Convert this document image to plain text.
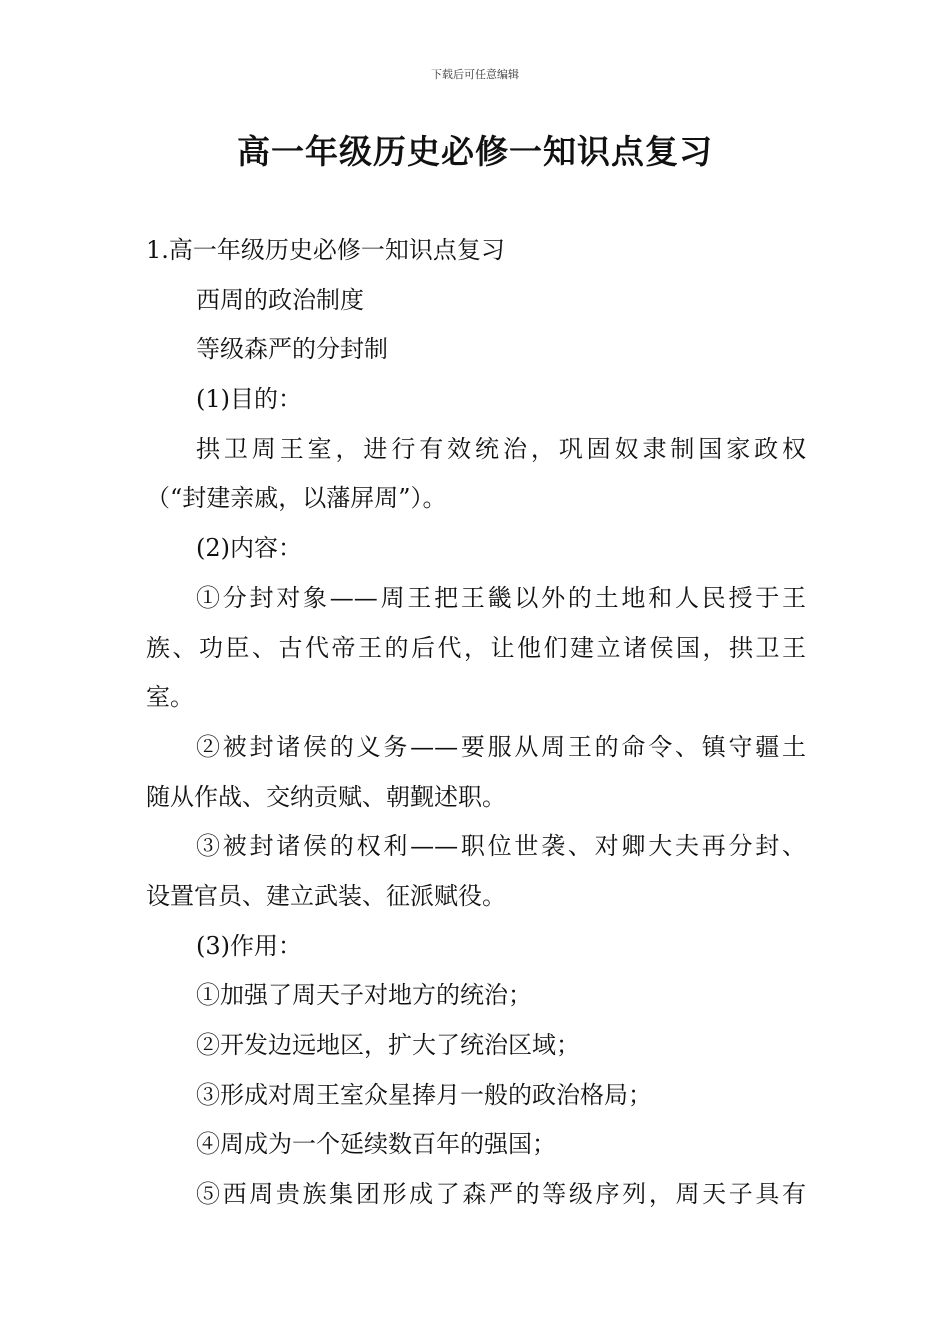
下载后可任意编辑
高一年级历史必修一知识点复习
1.高一年级历史必修一知识点复习
西周的政治制度
等级森严的分封制
(1)目的：
拱卫周王室，进行有效统治，巩固奴隶制国家政权
（“封建亲戚，以藩屏周”）。
(2)内容：
①分封对象——周王把王畿以外的土地和人民授于王
族、功臣、古代帝王的后代，让他们建立诸侯国，拱卫王
室。
②被封诸侯的义务——要服从周王的命令、镇守疆土
随从作战、交纳贡赋、朝觐述职。
③被封诸侯的权利——职位世袭、对卿大夫再分封、
设置官员、建立武装、征派赋役。
(3)作用：
①加强了周天子对地方的统治；
②开发边远地区，扩大了统治区域；
③形成对周王室众星捧月一般的政治格局；
④周成为一个延续数百年的强国；
⑤西周贵族集团形成了森严的等级序列，周天子具有
